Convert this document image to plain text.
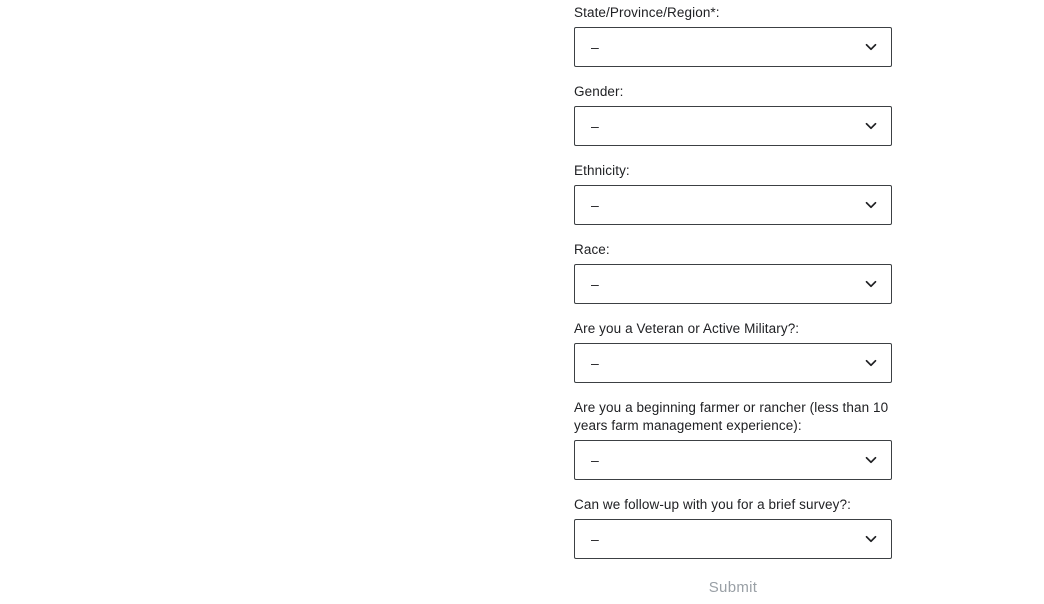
State/Province/Region*:
–
Gender:
–
Ethnicity:
–
Race:
–
Are you a Veteran or Active Military?:
–
Are you a beginning farmer or rancher (less than 10 years farm management experience):
–
Can we follow-up with you for a brief survey?:
–
Submit
